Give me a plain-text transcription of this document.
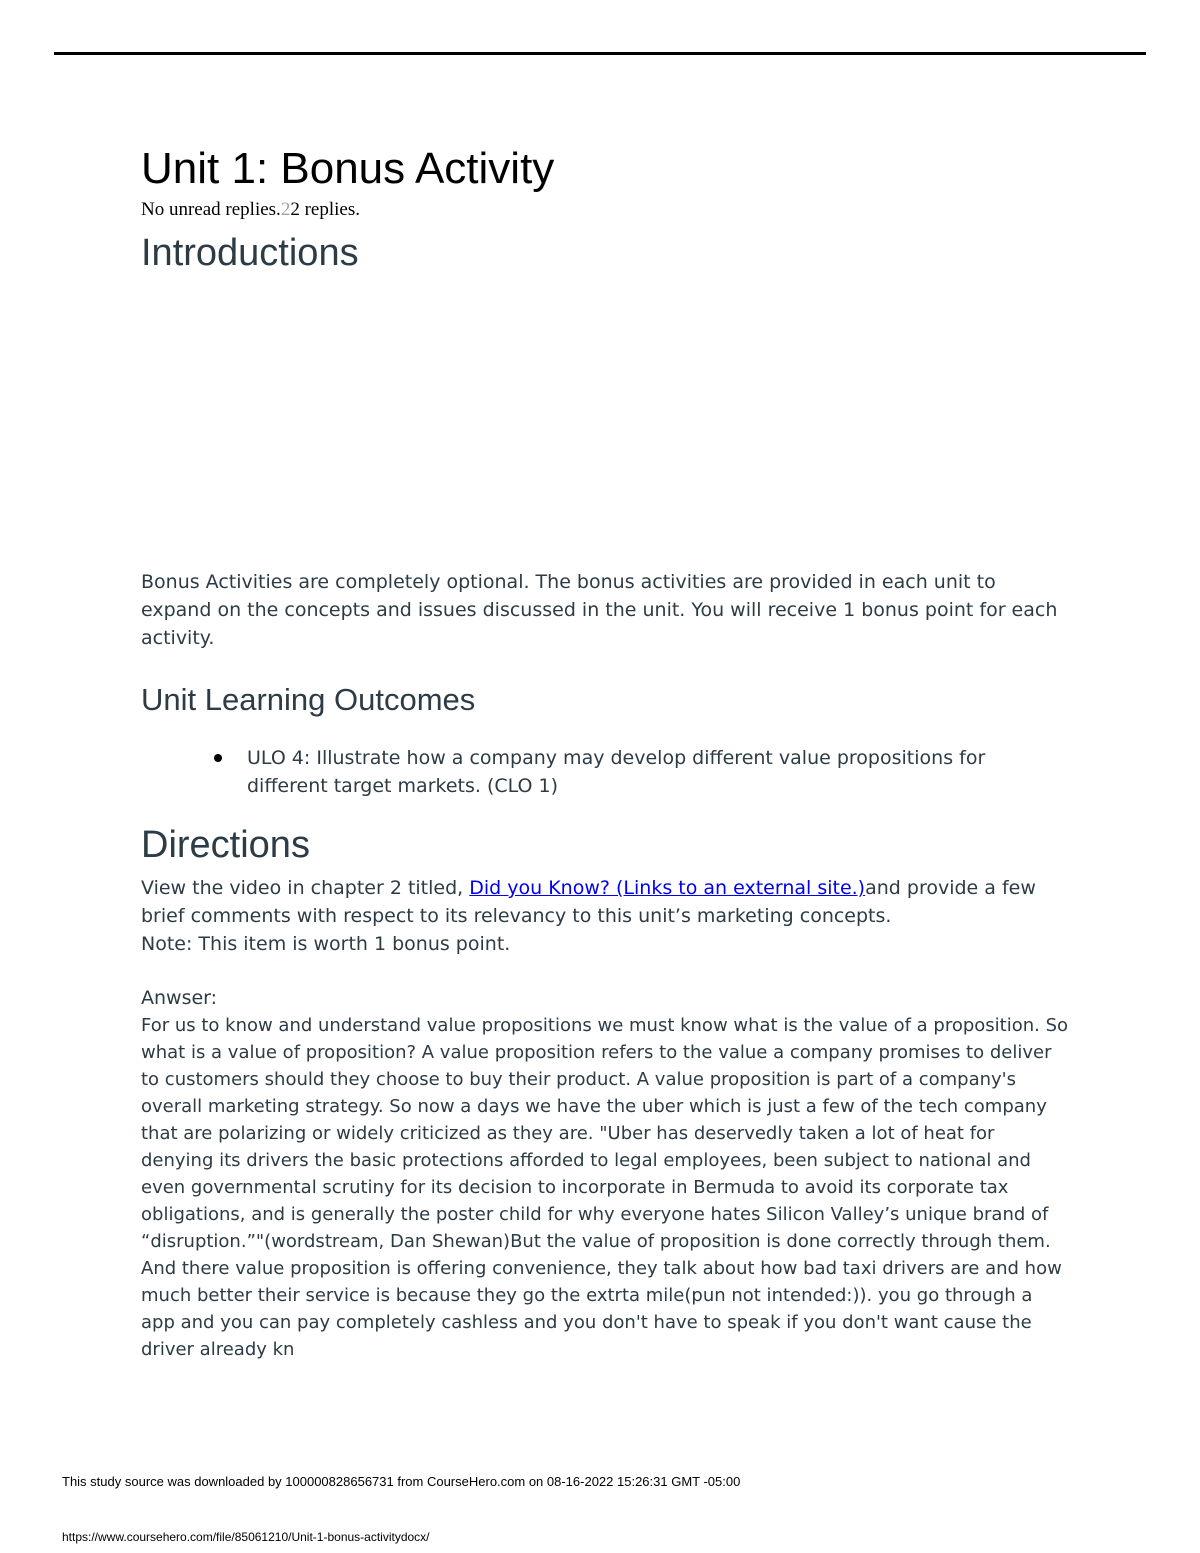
Unit 1: Bonus Activity

No unread replies.22 replies.

Introductions

Bonus Activities are completely optional. The bonus activities are provided in each unit to expand on the concepts and issues discussed in the unit. You will receive 1 bonus point for each activity.

Unit Learning Outcomes
ULO 4: Illustrate how a company may develop different value propositions for different target markets. (CLO 1)
Directions

View the video in chapter 2 titled, Did you Know? (Links to an external site.)and provide a few brief comments with respect to its relevancy to this unit’s marketing concepts.
Note: This item is worth 1 bonus point.

Anwser:

For us to know and understand value propositions we must know what is the value of a proposition. So what is a value of proposition? A value proposition refers to the value a company promises to deliver to customers should they choose to buy their product. A value proposition is part of a company's overall marketing strategy. So now a days we have the uber which is just a few of the tech company that are polarizing or widely criticized as they are. "Uber has deservedly taken a lot of heat for denying its drivers the basic protections afforded to legal employees, been subject to national and even governmental scrutiny for its decision to incorporate in Bermuda to avoid its corporate tax obligations, and is generally the poster child for why everyone hates Silicon Valley’s unique brand of “disruption.”"(wordstream, Dan Shewan)But the value of proposition is done correctly through them. And there value proposition is offering convenience, they talk about how bad taxi drivers are and how much better their service is because they go the extrta mile(pun not intended:)). you go through a app and you can pay completely cashless and you don't have to speak if you don't want cause the driver already kn

This study source was downloaded by 100000828656731 from CourseHero.com on 08-16-2022 15:26:31 GMT -05:00
https://www.coursehero.com/file/85061210/Unit-1-bonus-activitydocx/
